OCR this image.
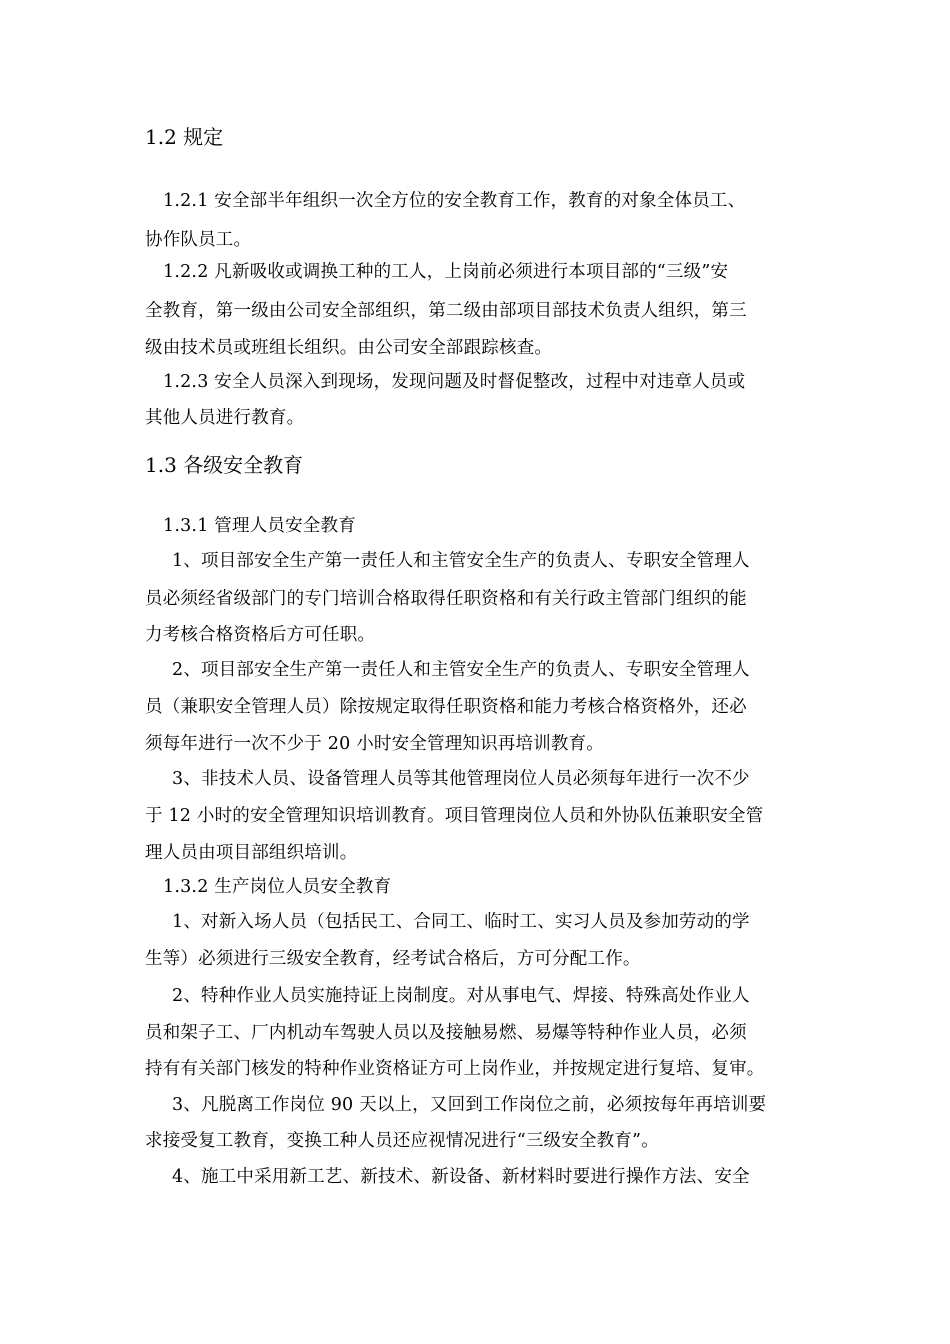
1.2 规定
1.2.1 安全部半年组织一次全方位的安全教育工作，教育的对象全体员工、
协作队员工。
1.2.2 凡新吸收或调换工种的工人，上岗前必须进行本项目部的“三级”安
全教育，第一级由公司安全部组织，第二级由部项目部技术负责人组织，第三
级由技术员或班组长组织。由公司安全部跟踪核查。
1.2.3 安全人员深入到现场，发现问题及时督促整改，过程中对违章人员或
其他人员进行教育。
1.3 各级安全教育
1.3.1 管理人员安全教育
1、项目部安全生产第一责任人和主管安全生产的负责人、专职安全管理人
员必须经省级部门的专门培训合格取得任职资格和有关行政主管部门组织的能
力考核合格资格后方可任职。
2、项目部安全生产第一责任人和主管安全生产的负责人、专职安全管理人
员（兼职安全管理人员）除按规定取得任职资格和能力考核合格资格外，还必
须每年进行一次不少于 20 小时安全管理知识再培训教育。
3、非技术人员、设备管理人员等其他管理岗位人员必须每年进行一次不少
于 12 小时的安全管理知识培训教育。项目管理岗位人员和外协队伍兼职安全管
理人员由项目部组织培训。
1.3.2 生产岗位人员安全教育
1、对新入场人员（包括民工、合同工、临时工、实习人员及参加劳动的学
生等）必须进行三级安全教育，经考试合格后，方可分配工作。
2、特种作业人员实施持证上岗制度。对从事电气、焊接、特殊高处作业人
员和架子工、厂内机动车驾驶人员以及接触易燃、易爆等特种作业人员，必须
持有有关部门核发的特种作业资格证方可上岗作业，并按规定进行复培、复审。
3、凡脱离工作岗位 90 天以上，又回到工作岗位之前，必须按每年再培训要
求接受复工教育，变换工种人员还应视情况进行“三级安全教育”。
4、施工中采用新工艺、新技术、新设备、新材料时要进行操作方法、安全
